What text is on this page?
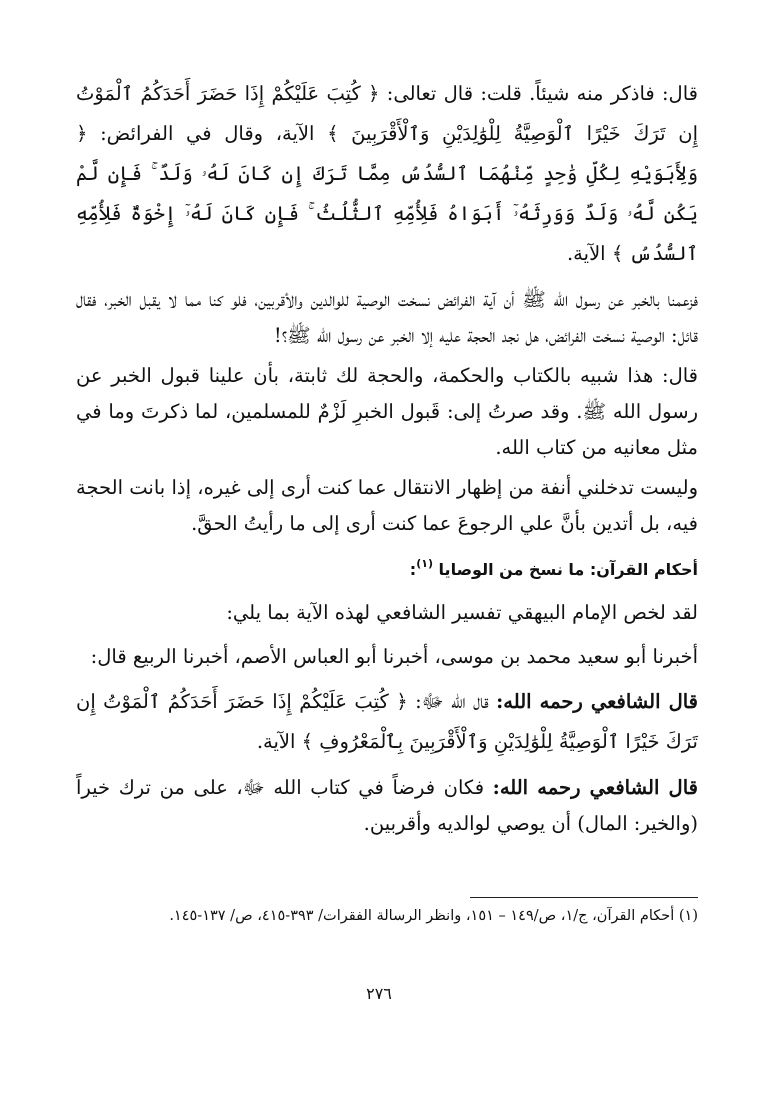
قال: فاذكر منه شيئاً. قلت: قال تعالى: ﴿ كُتِبَ عَلَيْكُمْ إِذَا حَضَرَ أَحَدَكُمُ ٱلْمَوْتُ إِن تَرَكَ خَيْرًا ٱلْوَصِيَّةُ لِلْوَٰلِدَيْنِ وَٱلْأَقْرَبِينَ ﴾ الآية، وقال في الفرائض: ﴿ وَلِأَبَوَيْهِ لِكُلِّ وَٰحِدٍ مِّنْهُمَا ٱلسُّدُسُ مِمَّا تَرَكَ إِن كَانَ لَهُۥ وَلَدٌ ۚ فَإِن لَّمْ يَكُن لَّهُۥ وَلَدٌ وَوَرِثَهُۥٓ أَبَوَاهُ فَلِأُمِّهِ ٱلثُّلُثُ ۚ فَإِن كَانَ لَهُۥٓ إِخْوَةٌ فَلِأُمِّهِ ٱلسُّدُسُ ﴾ الآية.

فزعمنا بالخبر عن رسول الله ﷺ أن آية الفرائض نسخت الوصية للوالدين والأقربين، فلو كنا مما لا يقبل الخبر، فقال قائل: الوصية نسخت الفرائض، هل نجد الحجة عليه إلا الخبر عن رسول الله ﷺ؟!

قال: هذا شبيه بالكتاب والحكمة، والحجة لك ثابتة، بأن علينا قبول الخبر عن رسول الله ﷺ. وقد صرتُ إلى: قَبول الخبرِ لَزْمٌ للمسلمين، لما ذكرتَ وما في مثل معانيه من كتاب الله.

وليست تدخلني أنفة من إظهار الانتقال عما كنت أرى إلى غيره، إذا بانت الحجة فيه، بل أتدين بأنَّ علي الرجوعَ عما كنت أرى إلى ما رأيتُ الحقَّ.

أحكام القرآن: ما نسخ من الوصايا $^{(١)}$:

لقد لخص الإمام البيهقي تفسير الشافعي لهذه الآية بما يلي:

أخبرنا أبو سعيد محمد بن موسى، أخبرنا أبو العباس الأصم، أخبرنا الربيع قال:

قال الشافعي رحمه الله: قال الله ﷻ: ﴿ كُتِبَ عَلَيْكُمْ إِذَا حَضَرَ أَحَدَكُمُ ٱلْمَوْتُ إِن تَرَكَ خَيْرًا ٱلْوَصِيَّةُ لِلْوَٰلِدَيْنِ وَٱلْأَقْرَبِينَ بِٱلْمَعْرُوفِ ﴾ الآية.

قال الشافعي رحمه الله: فكان فرضاً في كتاب الله ﷻ، على من ترك خيراً (والخير: المال) أن يوصي لوالديه وأقربين.

(١) أحكام القرآن، ج/١، ص/١٤٩ – ١٥١، وانظر الرسالة الفقرات/ ٣٩٣-٤١٥، ص/ ١٣٧-١٤٥.
٢٧٦
